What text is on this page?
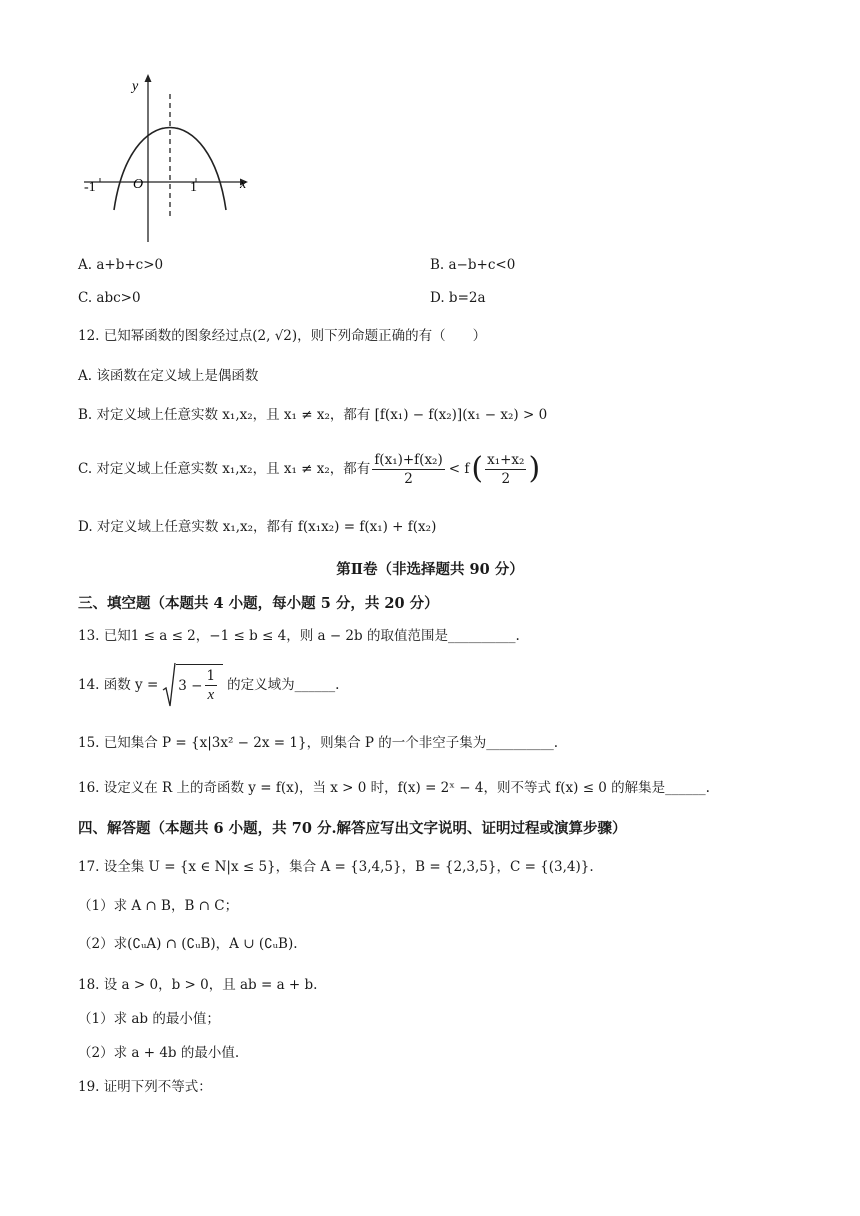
y
x
O
-1	1
A. a+b+c>0	B. a−b+c<0
C. abc>0	D. b=2a
12. 已知幂函数的图象经过点(2, √2)，则下列命题正确的有（　　）
A. 该函数在定义域上是偶函数
B. 对定义域上任意实数 x₁,x₂，且 x₁ ≠ x₂，都有 [f(x₁) − f(x₂)](x₁ − x₂) > 0
C. 对定义域上任意实数 x₁,x₂，且 x₁ ≠ x₂，都有 $\frac{\text{f(x₁)+f(x₂)}}{2} < f$ ( $\frac{\text{x₁+x₂}}{2}$ )
D. 对定义域上任意实数 x₁,x₂，都有 f(x₁x₂) = f(x₁) + f(x₂)
第Ⅱ卷（非选择题共 90 分）
三、填空题（本题共 4 小题，每小题 5 分，共 20 分）
13. 已知1 ≤ a ≤ 2，−1 ≤ b ≤ 4，则 a − 2b 的取值范围是__________.
14. 函数 $y = 3 - \frac{1}{x}$ 的定义域为______.
15. 已知集合 P = {x|3x² − 2x = 1}，则集合 P 的一个非空子集为__________.
16. 设定义在 R 上的奇函数 y = f(x)，当 x > 0 时，f(x) = 2ˣ − 4，则不等式 f(x) ≤ 0 的解集是______.
四、解答题（本题共 6 小题，共 70 分.解答应写出文字说明、证明过程或演算步骤）
17. 设全集 U = {x ∈ N|x ≤ 5}，集合 A = {3,4,5}，B = {2,3,5}，C = {(3,4)}.
（1）求 A ∩ B，B ∩ C；
（2）求(∁ᵤA) ∩ (∁ᵤB)，A ∪ (∁ᵤB).
18. 设 a > 0，b > 0，且 ab = a + b.
（1）求 ab 的最小值；
（2）求 a + 4b 的最小值.
19. 证明下列不等式：
